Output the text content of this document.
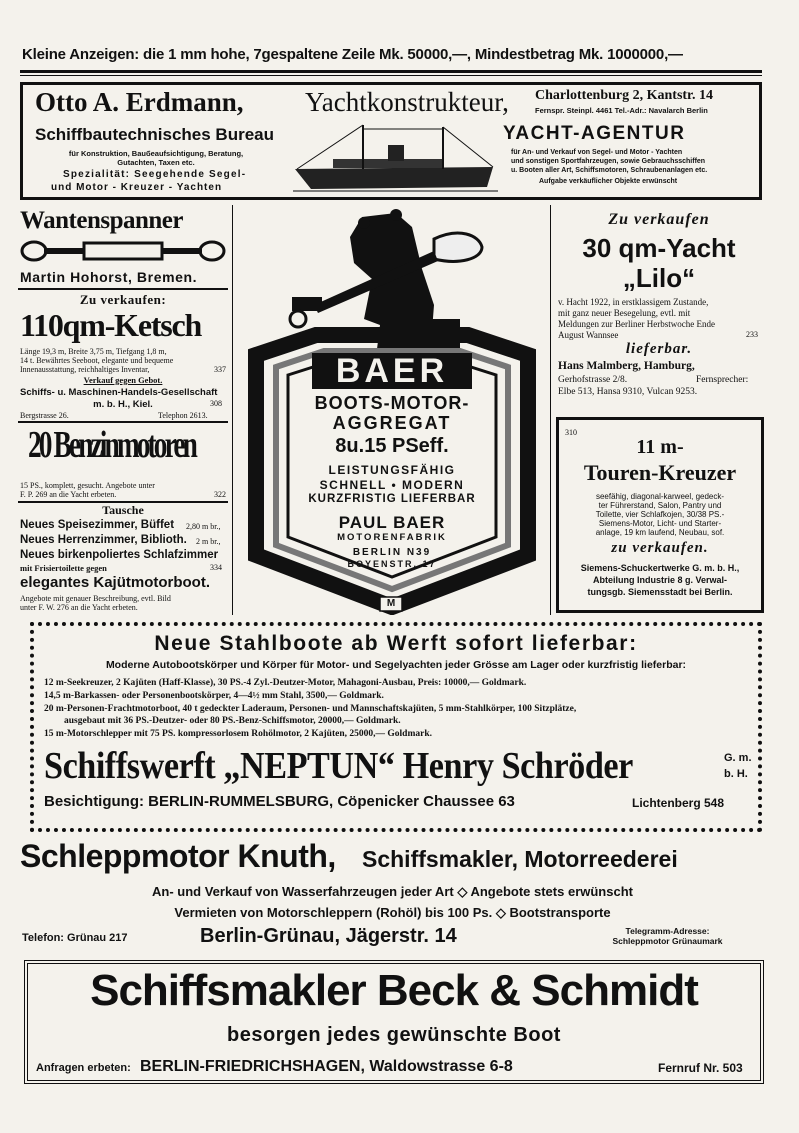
Kleine Anzeigen: die 1 mm hohe, 7gespaltene Zeile Mk. 50000,—, Mindestbetrag Mk. 1000000,—
Otto A. Erdmann, Yachtkonstrukteur, Charlottenburg 2, Kantstr. 14
Fernspr. Steinpl. 4461 Tel.-Adr.: Navalarch Berlin
Schiffbautechnisches Bureau
für Konstruktion, Bauбeaufsichtigung, Beratung,
Gutachten, Taxen etc.
Spezialität: Seegehende Segel-
und Motor - Kreuzer - Yachten
YACHT-AGENTUR
für An- und Verkauf von Segel- und Motor - Yachten
und sonstigen Sportfahrzeugen, sowie Gebrauchsschiffen
u. Booten aller Art, Schiffsmotoren, Schraubenanlagen etc.
Aufgabe verkäuflicher Objekte erwünscht
Wantenspanner
Martin Hohorst, Bremen.
Zu verkaufen:
110qm-Ketsch
Länge 19,3 m, Breite 3,75 m, Tiefgang 1,8 m,
14 t. Bewährtes Seeboot, elegante und bequeme
Innenausstattung, reichhaltiges Inventar,	337
Verkauf gegen Gebot.
Schiffs- u. Maschinen-Handels-Gesellschaft
m. b. H., Kiel.	308
Bergstrasse 26.	Telephon 2613.
20 Benzinmotoren
15 PS., komplett, gesucht. Angebote unter
F. P. 269 an die Yacht erbeten.	322
Tausche
Neues Speisezimmer, Büffet 2,80 m br.,
Neues Herrenzimmer, Biblioth. 2 m br.,
Neues birkenpoliertes Schlafzimmer
mit Frisiertoilette gegen	334
elegantes Kajütmotorboot.
Angebote mit genauer Beschreibung, evtl. Bild
unter F. W. 276 an die Yacht erbeten.
BAER
BOOTS-MOTOR-
AGGREGAT
8u.15 PSeff.
LEISTUNGSFÄHIG
SCHNELL • MODERN
KURZFRISTIG LIEFERBAR
PAUL BAER
MOTORENFABRIK
BERLIN N39
BOYENSTR. 17
M
Zu verkaufen
30 qm-Yacht
„Lilo“
v. Hacht 1922, in erstklassigem Zustande,
mit ganz neuer Besegelung, evtl. mit
Meldungen zur Berliner Herbstwoche Ende
August Wannsee	233
lieferbar.
Hans Malmberg, Hamburg,
Gerhofstrasse 2/8.	Fernsprecher:
Elbe 513, Hansa 9310, Vulcan 9253.
310
11 m-
Touren-Kreuzer
seefähig, diagonal-karweel, gedeck-
ter Führerstand, Salon, Pantry und
Toilette, vier Schlafkojen, 30/38 PS.-
Siemens-Motor, Licht- und Starter-
anlage, 19 km laufend, Neubau, sof.
zu verkaufen.
Siemens-Schuckertwerke G. m. b. H.,
Abteilung Industrie 8 g. Verwal-
tungsgb. Siemensstadt bei Berlin.
Neue Stahlboote ab Werft sofort lieferbar:
Moderne Autobootskörper und Körper für Motor- und Segelyachten jeder Grösse am Lager oder kurzfristig lieferbar:
12 m-Seekreuzer, 2 Kajüten (Haff-Klasse), 30 PS.-4 Zyl.-Deutzer-Motor, Mahagoni-Ausbau, Preis: 10000,— Goldmark.
14,5 m-Barkassen- oder Personenbootskörper, 4—4½ mm Stahl, 3500,— Goldmark.
20 m-Personen-Frachtmotorboot, 40 t gedeckter Laderaum, Personen- und Mannschaftskajüten, 5 mm-Stahlkörper, 100 Sitzplätze,
ausgebaut mit 36 PS.-Deutzer- oder 80 PS.-Benz-Schiffsmotor, 20000,— Goldmark.
15 m-Motorschlepper mit 75 PS. kompressorlosem Rohölmotor, 2 Kajüten, 25000,— Goldmark.
Schiffswerft „NEPTUN“ Henry Schröder	G. m.
b. H.
Besichtigung: BERLIN-RUMMELSBURG, Cöpenicker Chaussee 63	Lichtenberg 548
Schleppmotor Knuth, Schiffsmakler, Motorreederei
An- und Verkauf von Wasserfahrzeugen jeder Art ◇ Angebote stets erwünscht
Vermieten von Motorschleppern (Rohöl) bis 100 Ps. ◇ Bootstransporte
Telefon: Grünau 217	Berlin-Grünau, Jägerstr. 14	Telegramm-Adresse:
Schleppmotor Grünaumark
Schiffsmakler Beck & Schmidt
besorgen jedes gewünschte Boot
Anfragen erbeten: BERLIN-FRIEDRICHSHAGEN, Waldowstrasse 6-8	Fernruf Nr. 503
